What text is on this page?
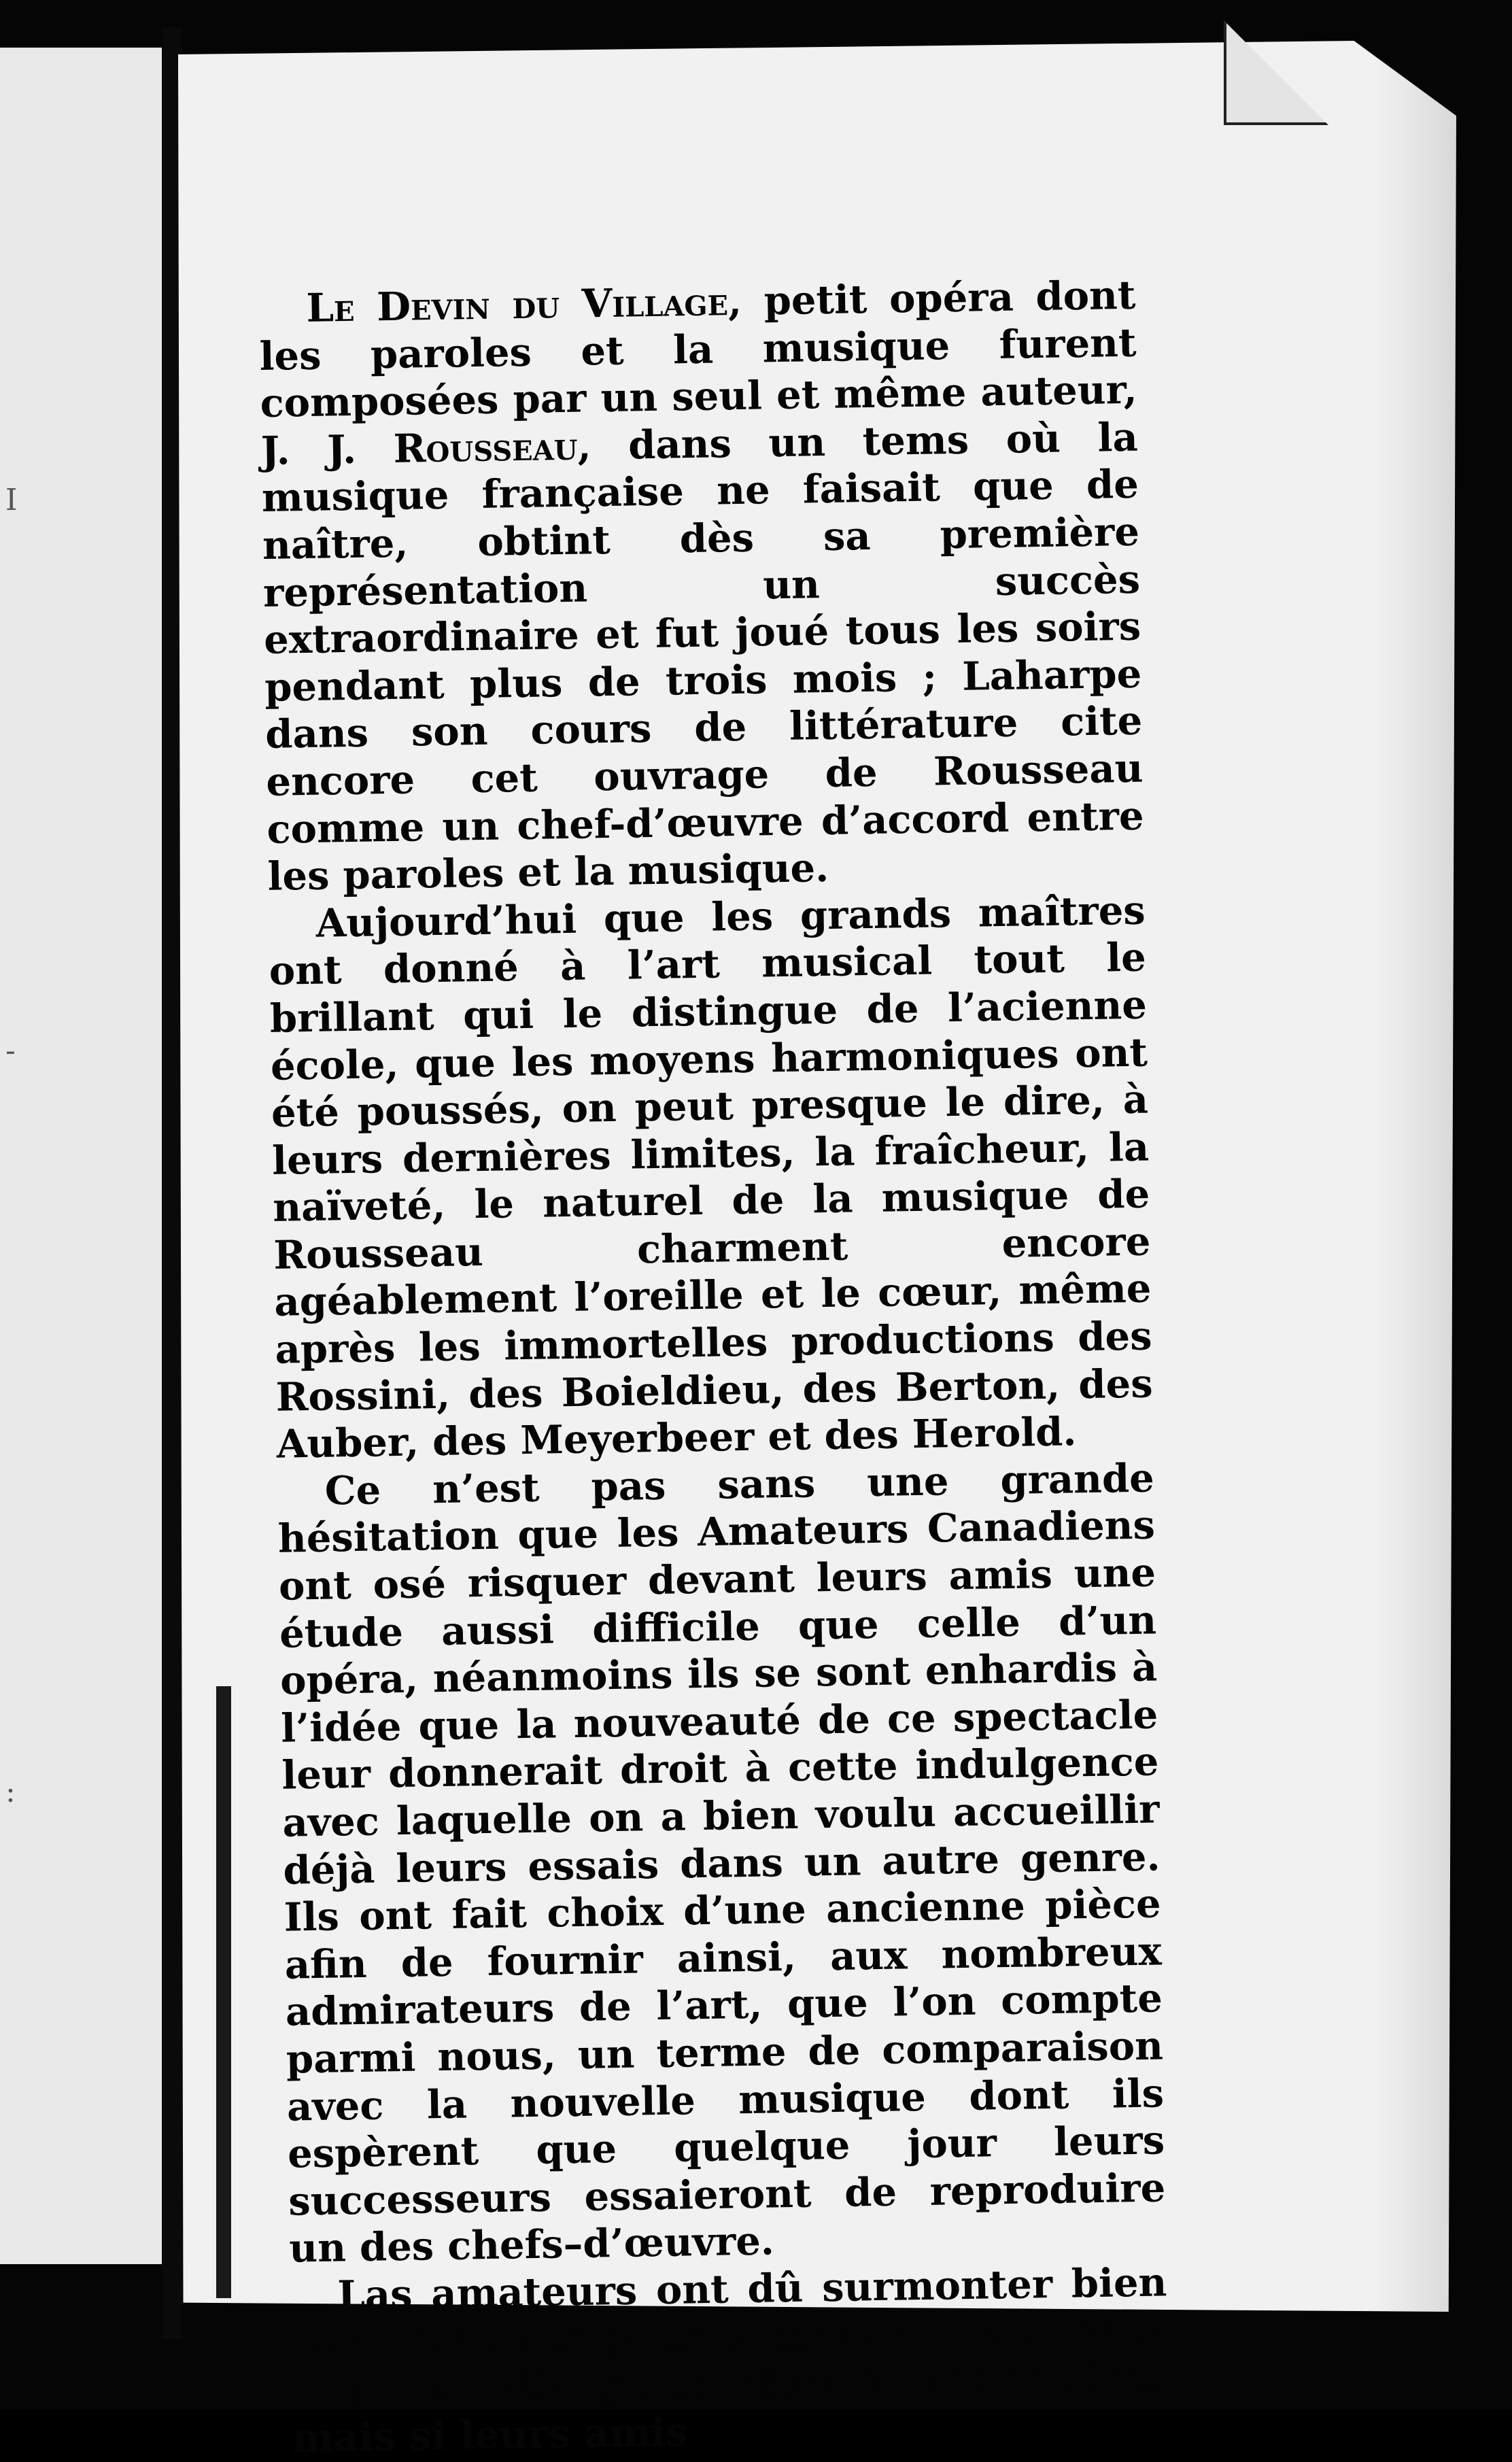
I
-
:

Le Devin du Village, petit opéra dont les paroles et la musique furent composées par un seul et même auteur, J. J. Rousseau, dans un tems où la musique française ne faisait que de naître, obtint dès sa première représentation un succès extraordinaire et fut joué tous les soirs pendant plus de trois mois ; Laharpe dans son cours de littérature cite encore cet ouvrage de Rousseau comme un chef-d’œuvre d’accord entre les paroles et la musique.

Aujourd’hui que les grands maîtres ont donné à l’art musical tout le brillant qui le distingue de l’acienne école, que les moyens harmoniques ont été poussés, on peut presque le dire, à leurs dernières limites, la fraîcheur, la naïveté, le naturel de la musique de Rousseau charment encore agéablement l’oreille et le cœur, même après les immortelles productions des Rossini, des Boieldieu, des Berton, des Auber, des Meyerbeer et des Herold.

Ce n’est pas sans une grande hésitation que les Amateurs Canadiens ont osé risquer devant leurs amis une étude aussi difficile que celle d’un opéra, néanmoins ils se sont enhardis à l’idée que la nouveauté de ce spectacle leur donnerait droit à cette indulgence avec laquelle on a bien voulu accueillir déjà leurs essais dans un autre genre. Ils ont fait choix d’une ancienne pièce afin de fournir ainsi, aux nombreux admirateurs de l’art, que l’on compte parmi nous, un terme de comparaison avec la nouvelle musique dont ils espèrent que quelque jour leurs successeurs essaieront de reproduire un des chefs–d’œuvre.

Las amateurs ont dû surmonter bien des obstacles pour compléter une pièce comme celle qu’ils offrent aujourd’hui, mais si leurs amis
